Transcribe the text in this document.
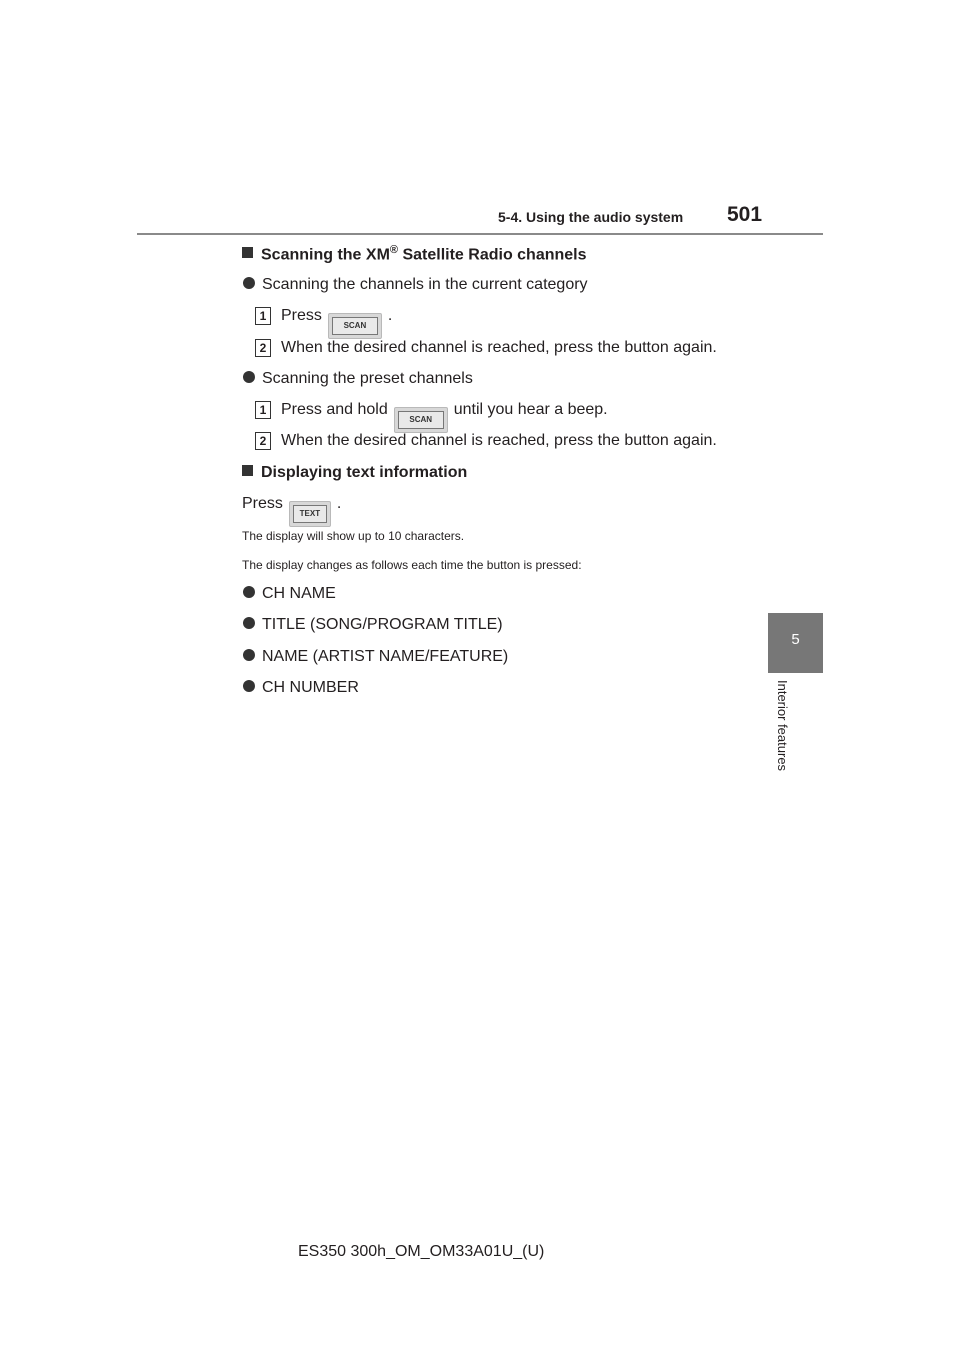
5-4. Using the audio system 501
5
Interior features
Scanning the XM® Satellite Radio channels
Scanning the channels in the current category
1 Press
SCAN
.
2 When the desired channel is reached, press the button again.
Scanning the preset channels
1 Press and hold
SCAN
until you hear a beep.
2 When the desired channel is reached, press the button again.
Displaying text information
Press
TEXT
.
The display will show up to 10 characters.
The display changes as follows each time the button is pressed:
CH NAME
TITLE (SONG/PROGRAM TITLE)
NAME (ARTIST NAME/FEATURE)
CH NUMBER
ES350 300h_OM_OM33A01U_(U)
